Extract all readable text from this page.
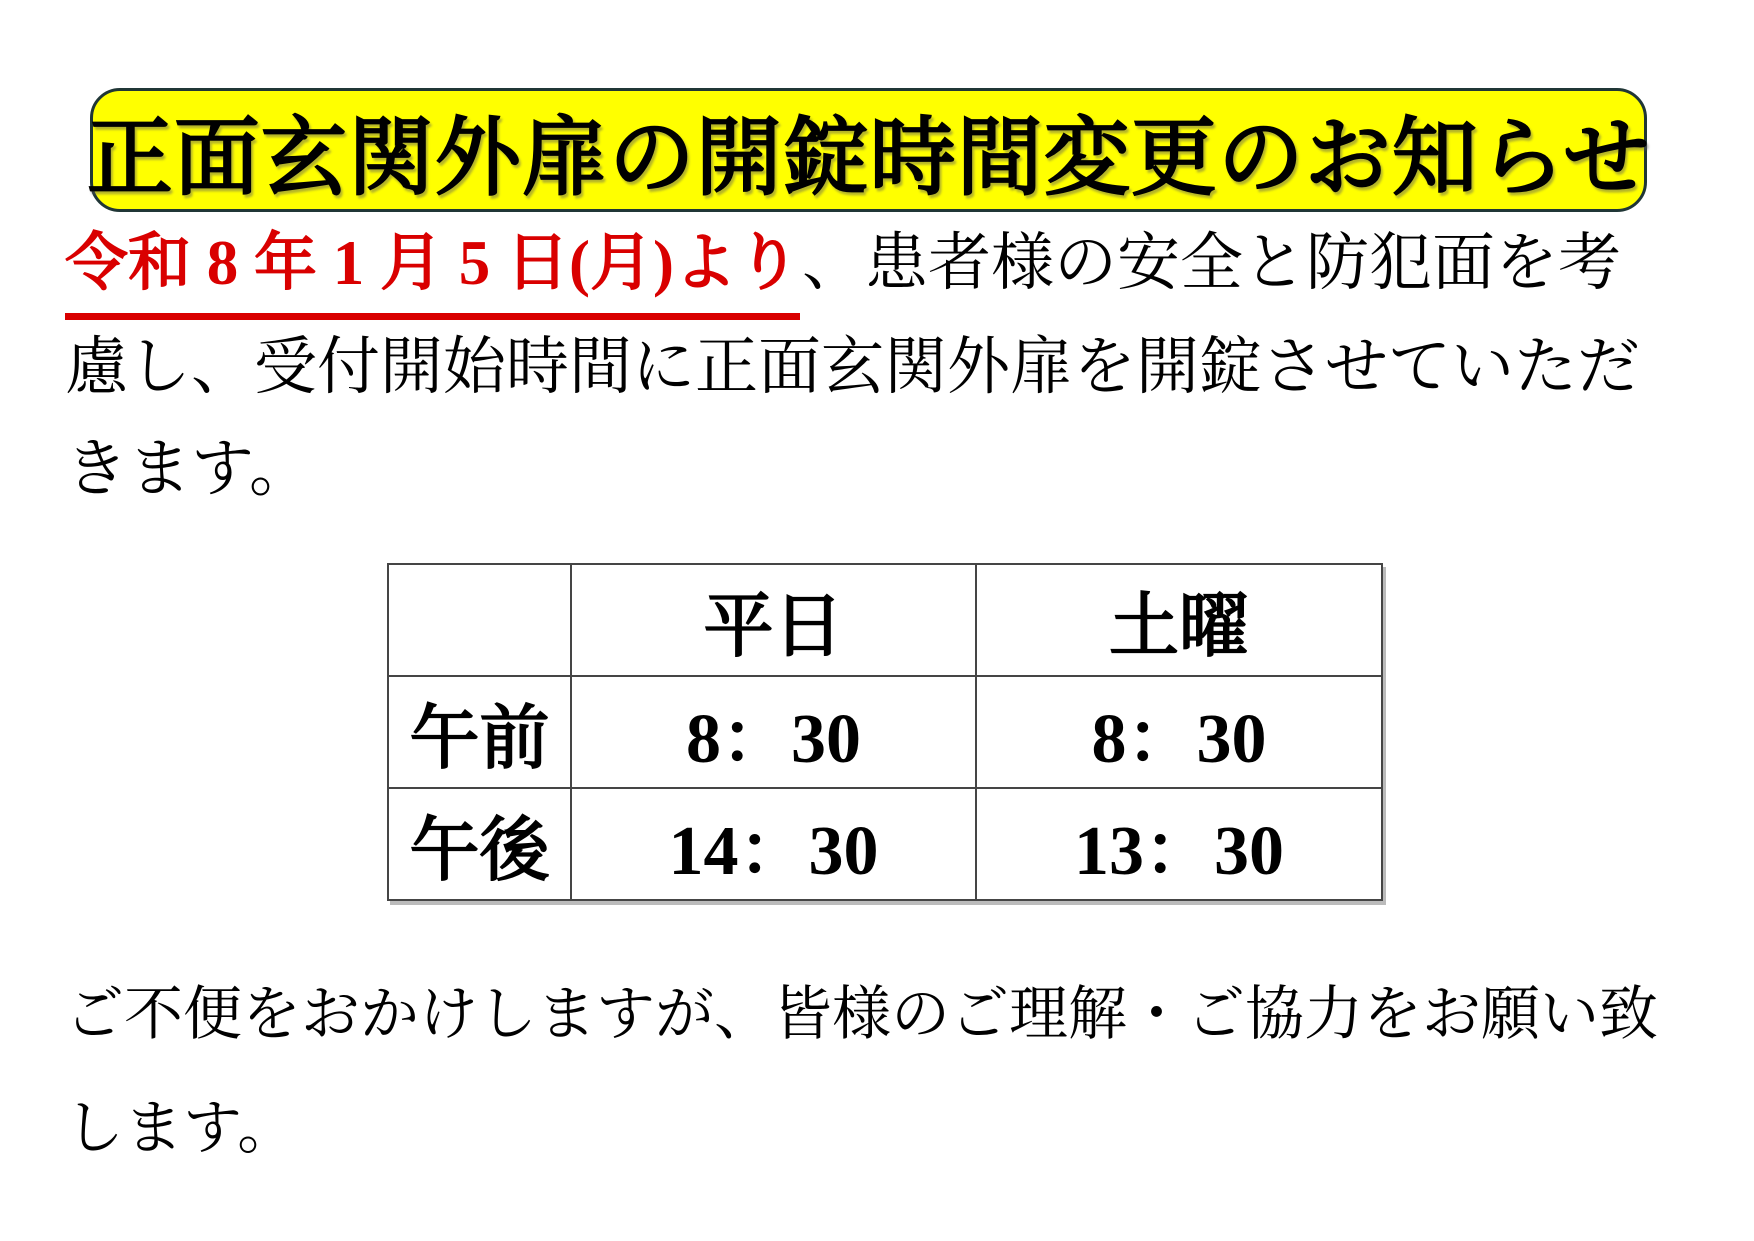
正面玄関外扉の開錠時間変更のお知らせ
令和 8 年 1 月 5 日(月)より、患者様の安全と防犯面を考
慮し、受付開始時間に正面玄関外扉を開錠させていただ
きます。
	平日	土曜
午前	8：30	8：30
午後	14：30	13：30
ご不便をおかけしますが、皆様のご理解・ご協力をお願い致
します。
